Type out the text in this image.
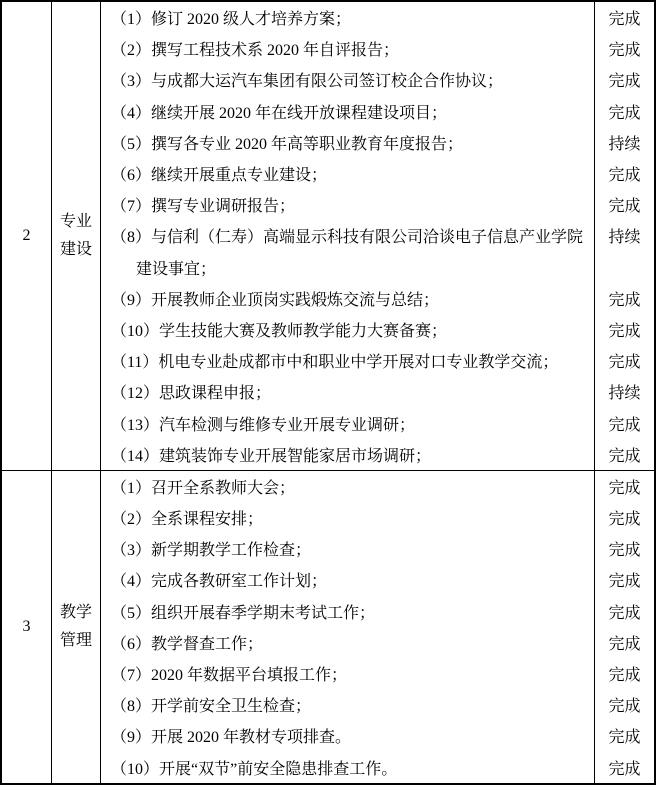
2
专业
建设
（1）修订 2020 级人才培养方案；	完成
（2）撰写工程技术系 2020 年自评报告；	完成
（3）与成都大运汽车集团有限公司签订校企合作协议；	完成
（4）继续开展 2020 年在线开放课程建设项目；	完成
（5）撰写各专业 2020 年高等职业教育年度报告；	持续
（6）继续开展重点专业建设；	完成
（7）撰写专业调研报告；	完成
（8）与信利（仁寿）高端显示科技有限公司洽谈电子信息产业学院	持续
建设事宜；
（9）开展教师企业顶岗实践煅炼交流与总结；	完成
（10）学生技能大赛及教师教学能力大赛备赛；	完成
（11）机电专业赴成都市中和职业中学开展对口专业教学交流；	完成
（12）思政课程申报；	持续
（13）汽车检测与维修专业开展专业调研；	完成
（14）建筑装饰专业开展智能家居市场调研；	完成
3
教学
管理
（1）召开全系教师大会；	完成
（2）全系课程安排；	完成
（3）新学期教学工作检查；	完成
（4）完成各教研室工作计划；	完成
（5）组织开展春季学期末考试工作；	完成
（6）教学督查工作；	完成
（7）2020 年数据平台填报工作；	完成
（8）开学前安全卫生检查；	完成
（9）开展 2020 年教材专项排查。	完成
（10）开展“双节”前安全隐患排查工作。	完成
